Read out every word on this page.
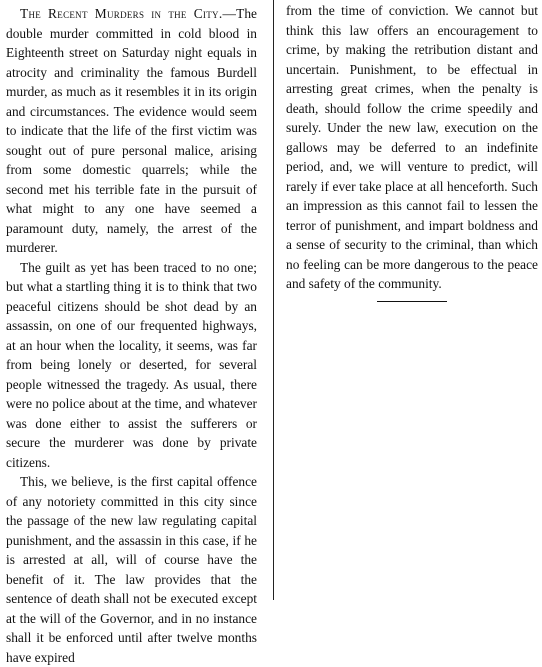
The Recent Murders in the City.—The double murder committed in cold blood in Eighteenth street on Saturday night equals in atrocity and criminality the famous Burdell murder, as much as it resembles it in its origin and circumstances. The evidence would seem to indicate that the life of the first victim was sought out of pure personal malice, arising from some domestic quarrels; while the second met his terrible fate in the pursuit of what might to any one have seemed a paramount duty, namely, the arrest of the murderer.

The guilt as yet has been traced to no one; but what a startling thing it is to think that two peaceful citizens should be shot dead by an assassin, on one of our frequented highways, at an hour when the locality, it seems, was far from being lonely or deserted, for several people witnessed the tragedy. As usual, there were no police about at the time, and whatever was done either to assist the sufferers or secure the murderer was done by private citizens.

This, we believe, is the first capital offence of any notoriety committed in this city since the passage of the new law regulating capital punishment, and the assassin in this case, if he is arrested at all, will of course have the benefit of it. The law provides that the sentence of death shall not be executed except at the will of the Governor, and in no instance shall it be enforced until after twelve months have expired

from the time of conviction. We cannot but think this law offers an encouragement to crime, by making the retribution distant and uncertain. Punishment, to be effectual in arresting great crimes, when the penalty is death, should follow the crime speedily and surely. Under the new law, execution on the gallows may be deferred to an indefinite period, and, we will venture to predict, will rarely if ever take place at all henceforth. Such an impression as this cannot fail to lessen the terror of punishment, and impart boldness and a sense of security to the criminal, than which no feeling can be more dangerous to the peace and safety of the community.
